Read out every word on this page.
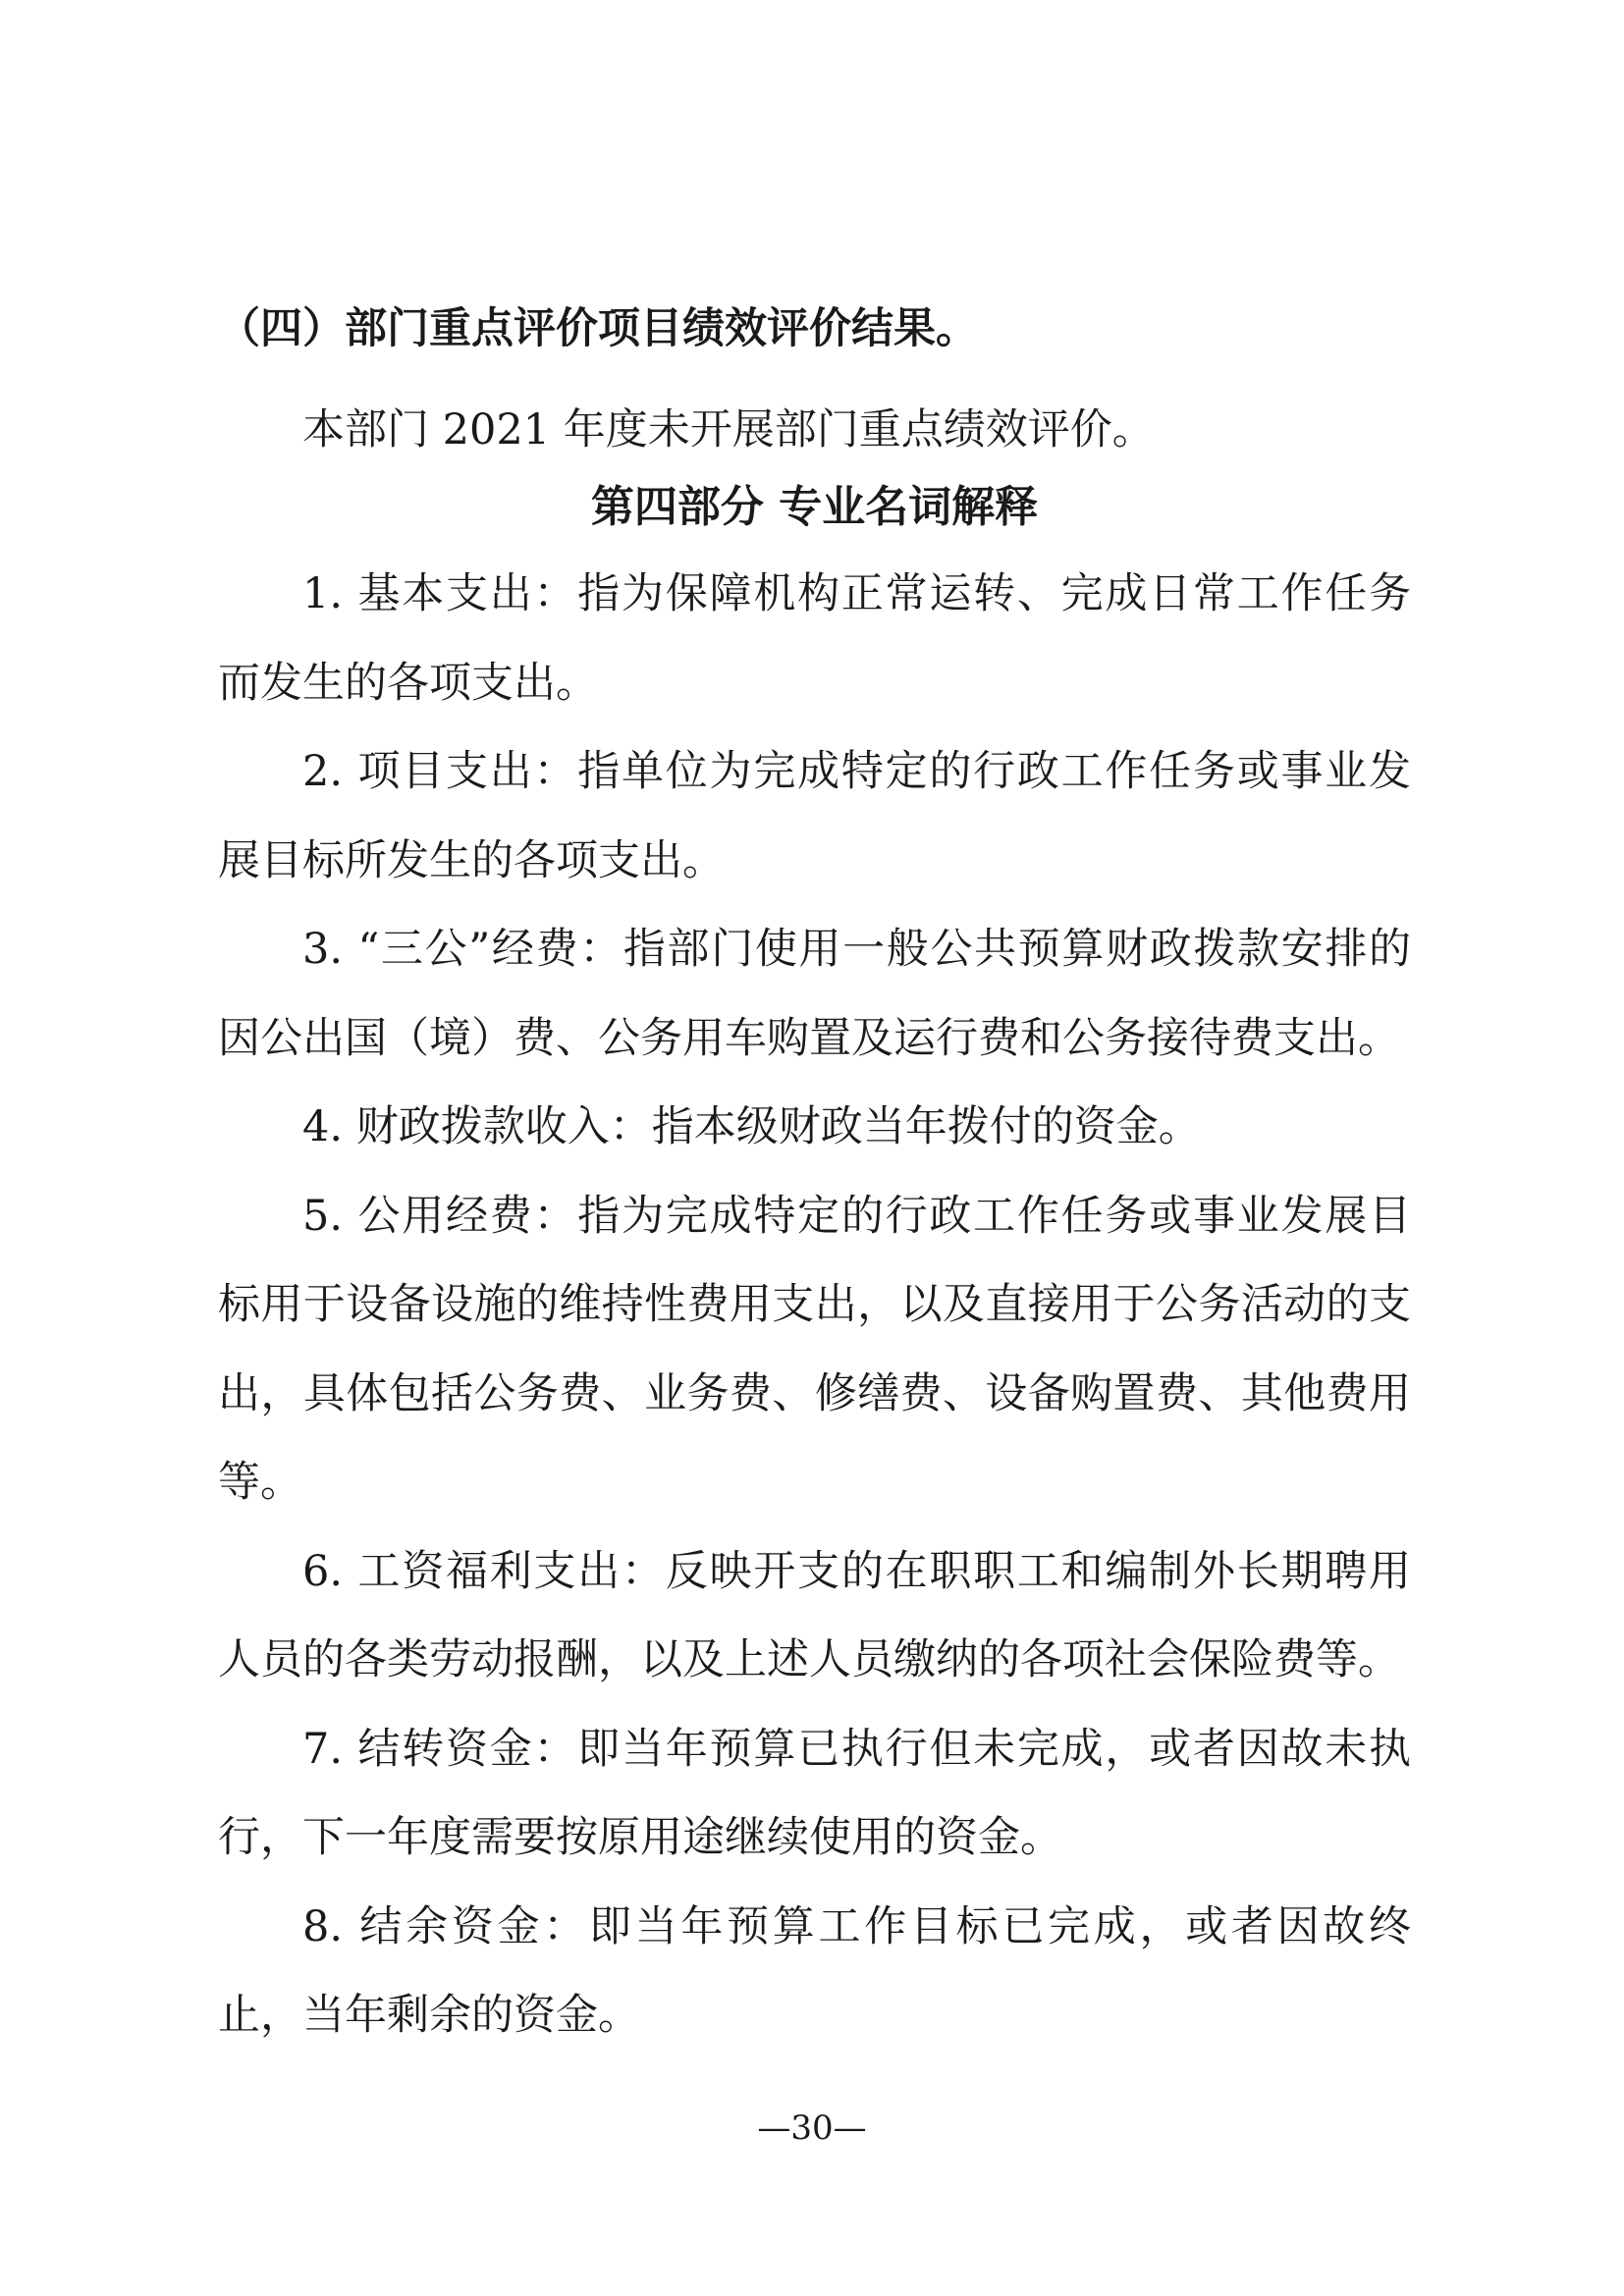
（四）部门重点评价项目绩效评价结果。

本部门 2021 年度未开展部门重点绩效评价。

第四部分 专业名词解释
1. 基本支出：指为保障机构正常运转、完成日常工作任务而发生的各项支出。
2. 项目支出：指单位为完成特定的行政工作任务或事业发展目标所发生的各项支出。
3. “三公”经费：指部门使用一般公共预算财政拨款安排的因公出国（境）费、公务用车购置及运行费和公务接待费支出。
4. 财政拨款收入：指本级财政当年拨付的资金。
5. 公用经费：指为完成特定的行政工作任务或事业发展目标用于设备设施的维持性费用支出，以及直接用于公务活动的支出，具体包括公务费、业务费、修缮费、设备购置费、其他费用等。
6. 工资福利支出：反映开支的在职职工和编制外长期聘用人员的各类劳动报酬，以及上述人员缴纳的各项社会保险费等。
7. 结转资金：即当年预算已执行但未完成，或者因故未执行，下一年度需要按原用途继续使用的资金。
8. 结余资金：即当年预算工作目标已完成，或者因故终止，当年剩余的资金。
—30—
